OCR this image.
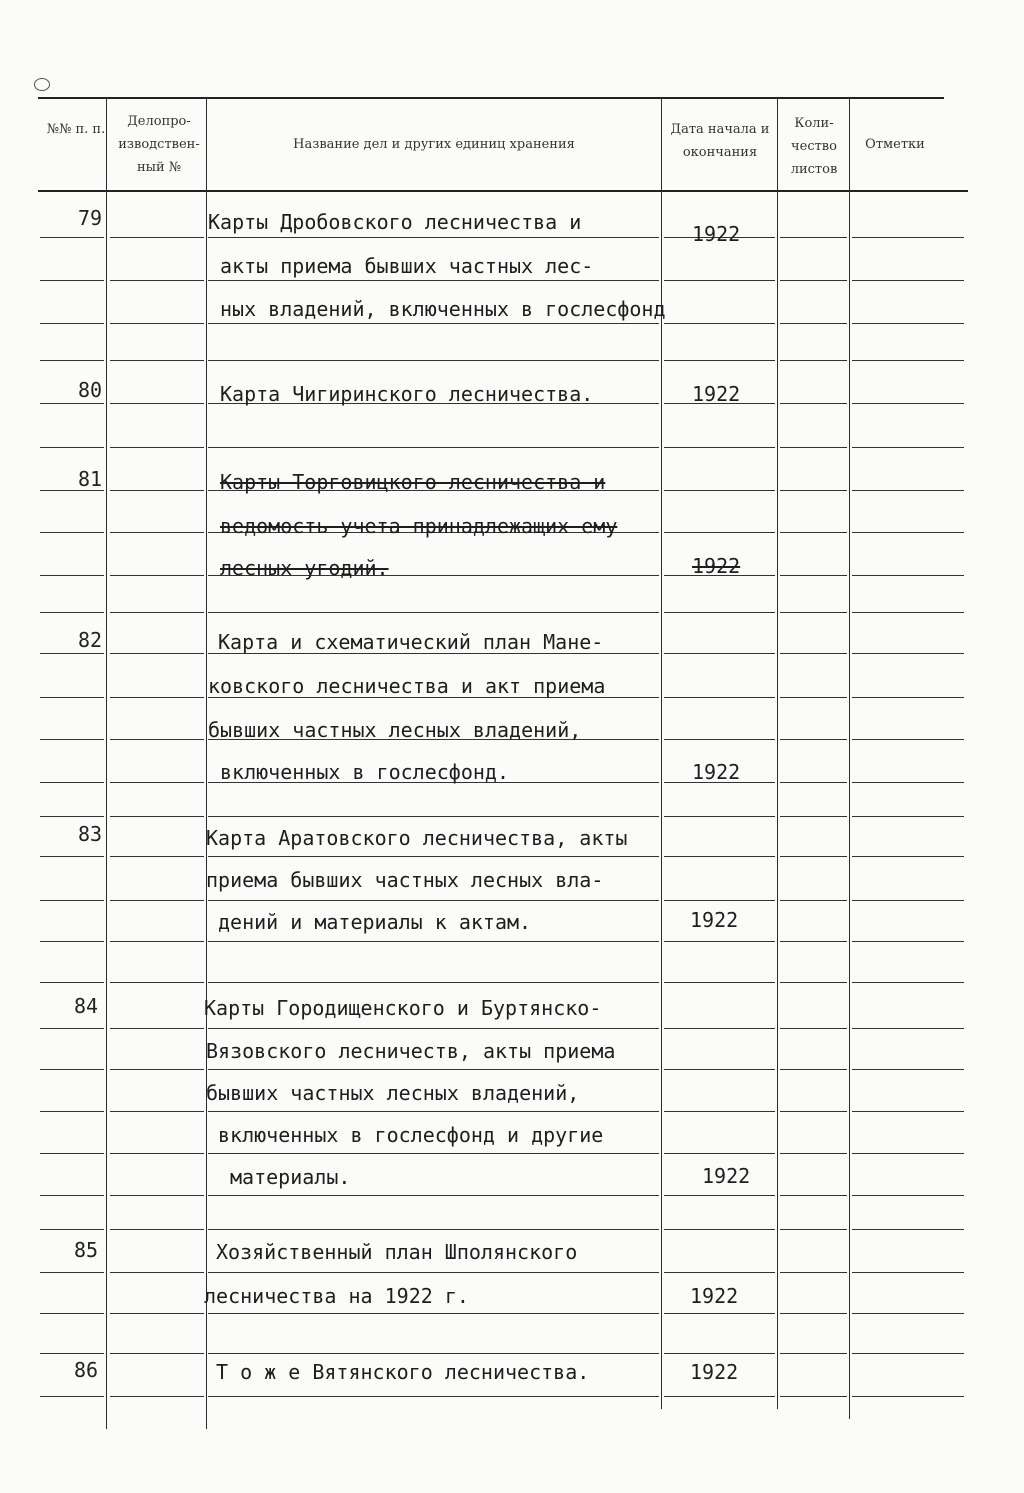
№№ п. п.
Делопро- изводствен- ный №
Название дел и других единиц хранения
Дата начала и окончания
Коли- чество листов
Отметки
79	Карты Дробовского лесничества и
акты приема бывших частных лес-
ных владений, включенных в гослесфонд
1922
80	Карта Чигиринского лесничества.	1922
81	Карты Торговицкого лесничества и
ведомость учета принадлежащих ему
лесных угодий.	1922
82	Карта и схематический план Мане-
ковского лесничества и акт приема
бывших частных лесных владений,
включенных в гослесфонд.	1922
83	Карта Аратовского лесничества, акты
приема бывших частных лесных вла-
дений и материалы к актам.	1922
84	Карты Городищенского и Буртянско-
Вязовского лесничеств, акты приема
бывших частных лесных владений,
включенных в гослесфонд и другие
материалы.	1922
85	Хозяйственный план Шполянского
лесничества на 1922 г.	1922
86	Т о ж е Вятянского лесничества.	1922
